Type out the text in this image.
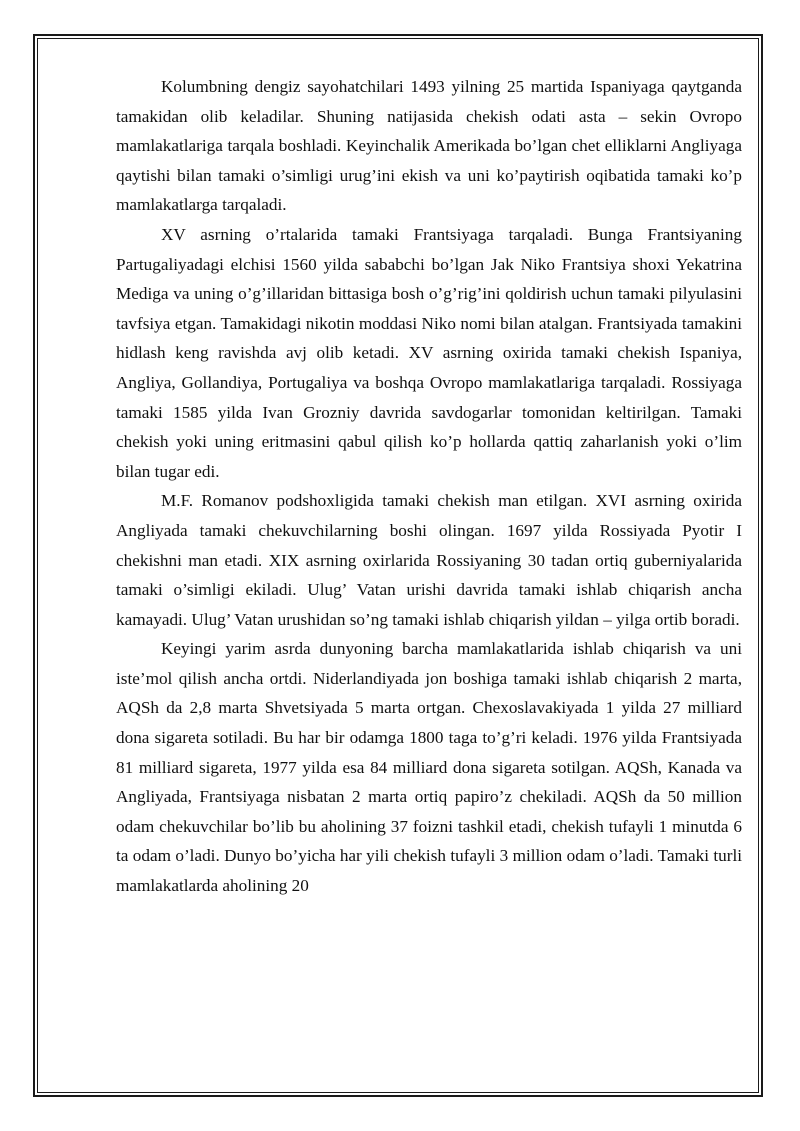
Kolumbning dengiz sayohatchilari 1493 yilning 25 martida Ispaniyaga qaytganda tamakidan olib keladilar. Shuning natijasida chekish odati asta – sekin Ovropo mamlakatlariga tarqala boshladi. Keyinchalik Amerikada bo’lgan chet elliklarni Angliyaga qaytishi bilan tamaki o’simligi urug’ini ekish va uni ko’paytirish oqibatida tamaki ko’p mamlakatlarga tarqaladi.

XV asrning o’rtalarida tamaki Frantsiyaga tarqaladi. Bunga Frantsiyaning Partugaliyadagi elchisi 1560 yilda sababchi bo’lgan Jak Niko Frantsiya shoxi Yekatrina Mediga va uning o’g’illaridan bittasiga bosh o’g’rig’ini qoldirish uchun tamaki pilyulasini tavfsiya etgan. Tamakidagi nikotin moddasi Niko nomi bilan atalgan. Frantsiyada tamakini hidlash keng ravishda avj olib ketadi. XV asrning oxirida tamaki chekish Ispaniya, Angliya, Gollandiya, Portugaliya va boshqa Ovropo mamlakatlariga tarqaladi. Rossiyaga tamaki 1585 yilda Ivan Grozniy davrida savdogarlar tomonidan keltirilgan. Tamaki chekish yoki uning eritmasini qabul qilish ko’p hollarda qattiq zaharlanish yoki o’lim bilan tugar edi.

M.F. Romanov podshoxligida tamaki chekish man etilgan. XVI asrning oxirida Angliyada tamaki chekuvchilarning boshi olingan. 1697 yilda Rossiyada Pyotir I chekishni man etadi. XIX asrning oxirlarida Rossiyaning 30 tadan ortiq guberniyalarida tamaki o’simligi ekiladi. Ulug’ Vatan urishi davrida tamaki ishlab chiqarish ancha kamayadi. Ulug’ Vatan urushidan so’ng tamaki ishlab chiqarish yildan – yilga ortib boradi.

Keyingi yarim asrda dunyoning barcha mamlakatlarida ishlab chiqarish va uni iste’mol qilish ancha ortdi. Niderlandiyada jon boshiga tamaki ishlab chiqarish 2 marta, AQSh da 2,8 marta Shvetsiyada 5 marta ortgan. Chexoslavakiyada 1 yilda 27 milliard dona sigareta sotiladi. Bu har bir odamga 1800 taga to’g’ri keladi. 1976 yilda Frantsiyada 81 milliard sigareta, 1977 yilda esa 84 milliard dona sigareta sotilgan. AQSh, Kanada va Angliyada, Frantsiyaga nisbatan 2 marta ortiq papiro’z chekiladi. AQSh da 50 million odam chekuvchilar bo’lib bu aholining 37 foizni tashkil etadi, chekish tufayli 1 minutda 6 ta odam o’ladi. Dunyo bo’yicha har yili chekish tufayli 3 million odam o’ladi. Tamaki turli mamlakatlarda aholining 20
